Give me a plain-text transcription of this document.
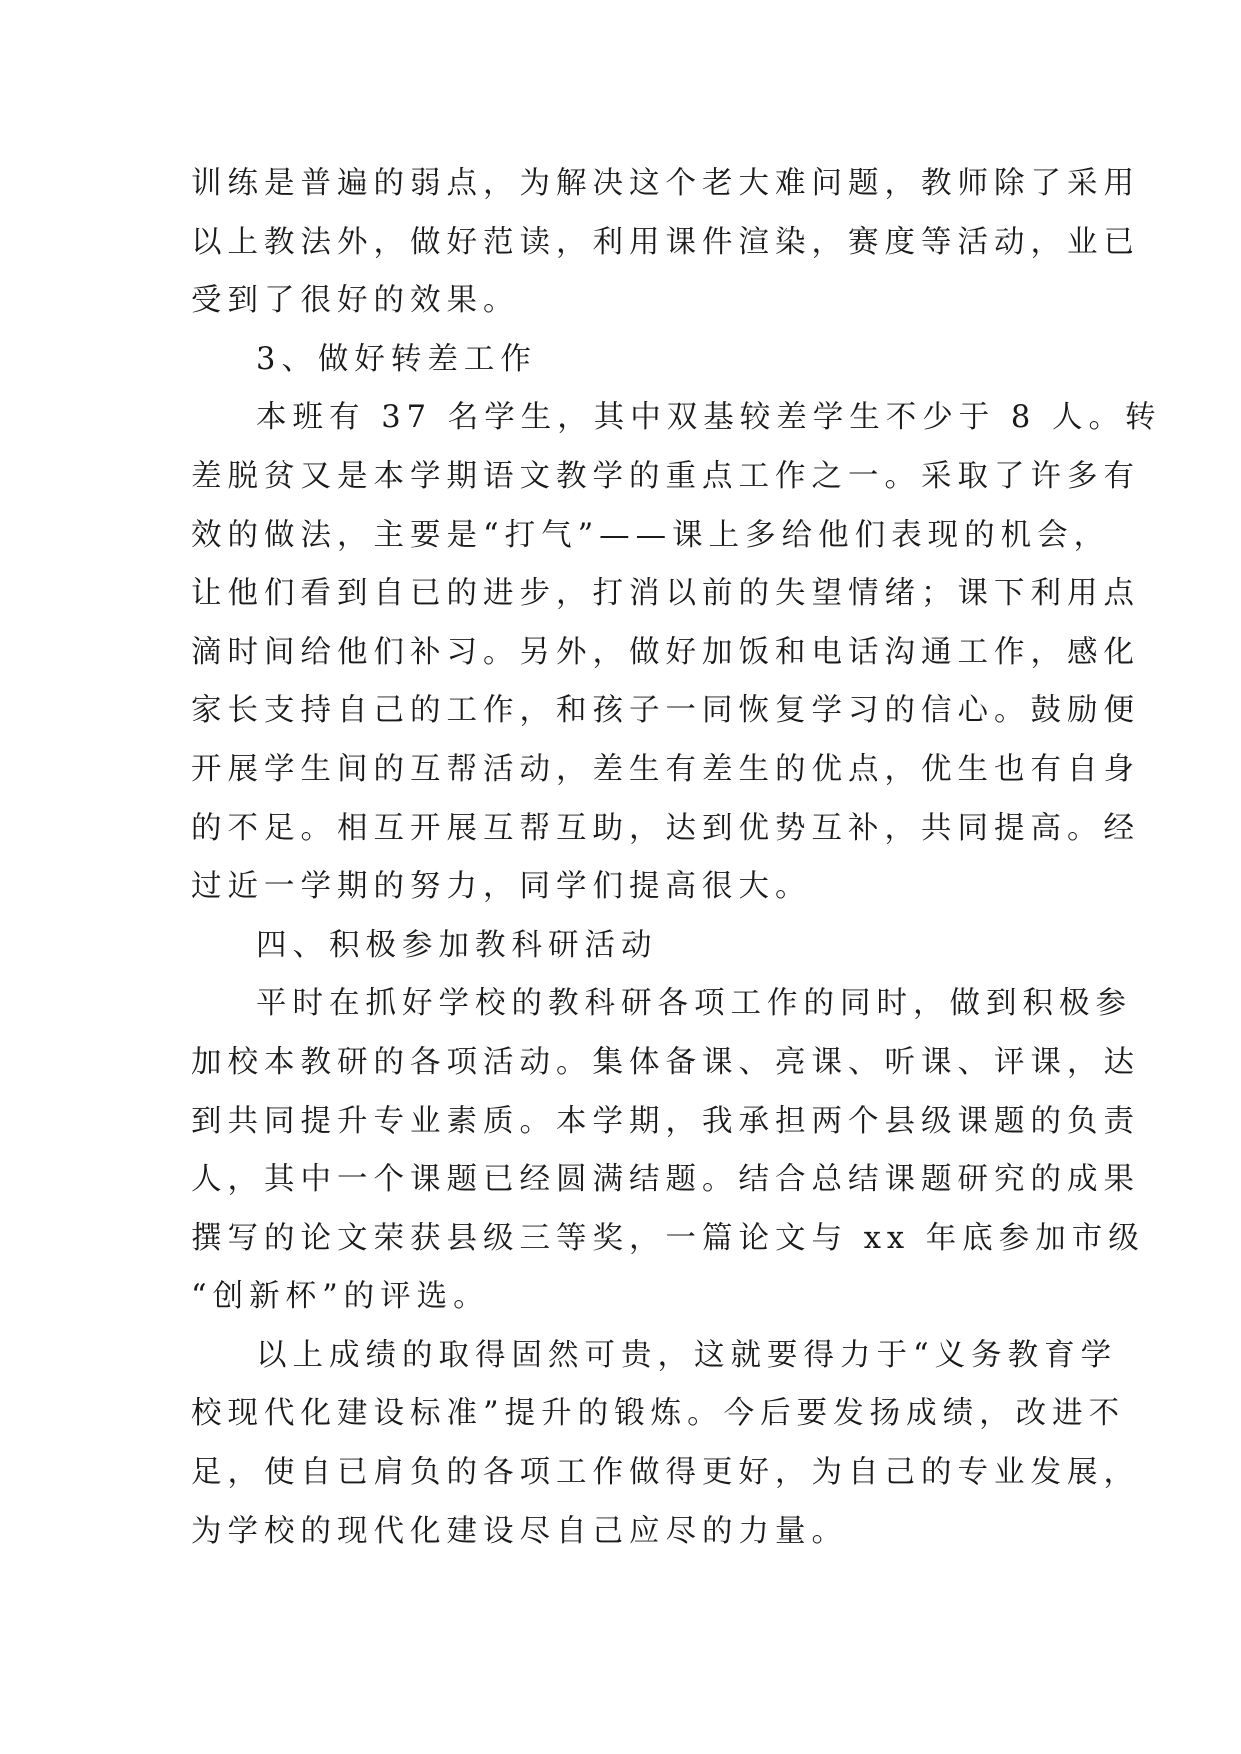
训练是普遍的弱点，为解决这个老大难问题，教师除了采用
以上教法外，做好范读，利用课件渲染，赛度等活动，业已
受到了很好的效果。
3、做好转差工作
本班有 37 名学生，其中双基较差学生不少于 8 人。转
差脱贫又是本学期语文教学的重点工作之一。采取了许多有
效的做法，主要是“打气”——课上多给他们表现的机会，
让他们看到自已的进步，打消以前的失望情绪；课下利用点
滴时间给他们补习。另外，做好加饭和电话沟通工作，感化
家长支持自己的工作，和孩子一同恢复学习的信心。鼓励便
开展学生间的互帮活动，差生有差生的优点，优生也有自身
的不足。相互开展互帮互助，达到优势互补，共同提高。经
过近一学期的努力，同学们提高很大。
四、积极参加教科研活动
平时在抓好学校的教科研各项工作的同时，做到积极参
加校本教研的各项活动。集体备课、亮课、听课、评课，达
到共同提升专业素质。本学期，我承担两个县级课题的负责
人，其中一个课题已经圆满结题。结合总结课题研究的成果
撰写的论文荣获县级三等奖，一篇论文与 xx 年底参加市级
“创新杯”的评选。
以上成绩的取得固然可贵，这就要得力于“义务教育学
校现代化建设标准”提升的锻炼。今后要发扬成绩，改进不
足，使自已肩负的各项工作做得更好，为自己的专业发展，
为学校的现代化建设尽自己应尽的力量。
